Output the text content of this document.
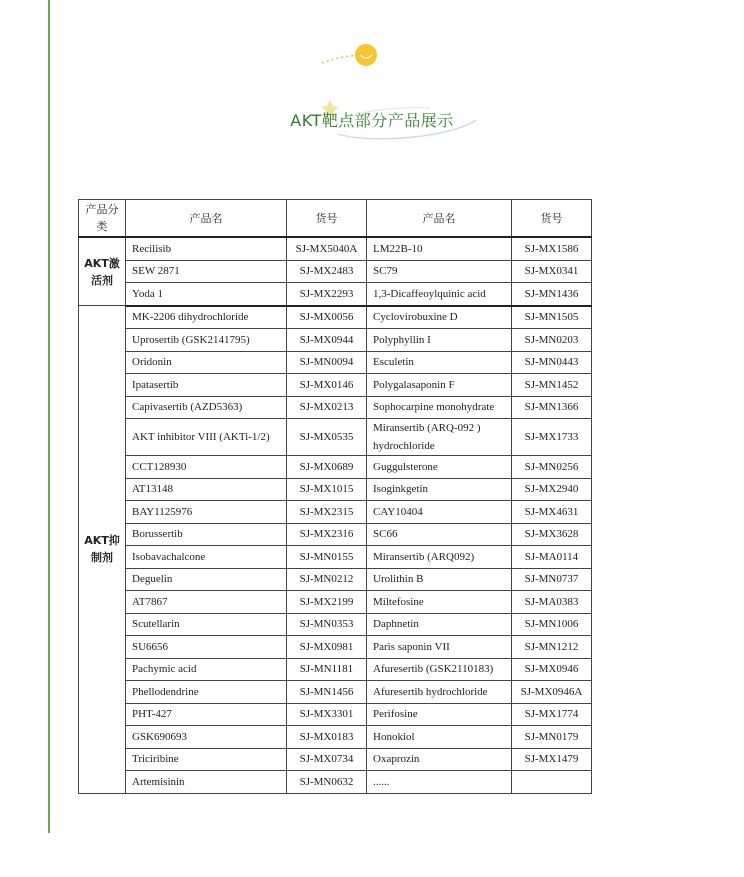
AKT靶点部分产品展示
产品分类	产品名	货号	产品名	货号
AKT激活剂	Recilisib	SJ-MX5040A	LM22B-10	SJ-MX1586
	SEW 2871	SJ-MX2483	SC79	SJ-MX0341
	Yoda 1	SJ-MX2293	1,3-Dicaffeoylquinic acid	SJ-MN1436
AKT抑制剂	MK-2206 dihydrochloride	SJ-MX0056	Cyclovirobuxine D	SJ-MN1505
	Uprosertib (GSK2141795)	SJ-MX0944	Polyphyllin I	SJ-MN0203
	Oridonin	SJ-MN0094	Esculetin	SJ-MN0443
	Ipatasertib	SJ-MX0146	Polygalasaponin F	SJ-MN1452
	Capivasertib (AZD5363)	SJ-MX0213	Sophocarpine monohydrate	SJ-MN1366
	AKT inhibitor VIII (AKTi-1/2)	SJ-MX0535	Miransertib (ARQ-092 ) hydrochloride	SJ-MX1733
	CCT128930	SJ-MX0689	Guggulsterone	SJ-MN0256
	AT13148	SJ-MX1015	Isoginkgetin	SJ-MX2940
	BAY1125976	SJ-MX2315	CAY10404	SJ-MX4631
	Borussertib	SJ-MX2316	SC66	SJ-MX3628
	Isobavachalcone	SJ-MN0155	Miransertib (ARQ092)	SJ-MA0114
	Deguelin	SJ-MN0212	Urolithin B	SJ-MN0737
	AT7867	SJ-MX2199	Miltefosine	SJ-MA0383
	Scutellarin	SJ-MN0353	Daphnetin	SJ-MN1006
	SU6656	SJ-MX0981	Paris saponin VII	SJ-MN1212
	Pachymic acid	SJ-MN1181	Afuresertib (GSK2110183)	SJ-MX0946
	Phellodendrine	SJ-MN1456	Afuresertib hydrochloride	SJ-MX0946A
	PHT-427	SJ-MX3301	Perifosine	SJ-MX1774
	GSK690693	SJ-MX0183	Honokiol	SJ-MN0179
	Triciribine	SJ-MX0734	Oxaprozin	SJ-MX1479
	Artemisinin	SJ-MN0632	......	
